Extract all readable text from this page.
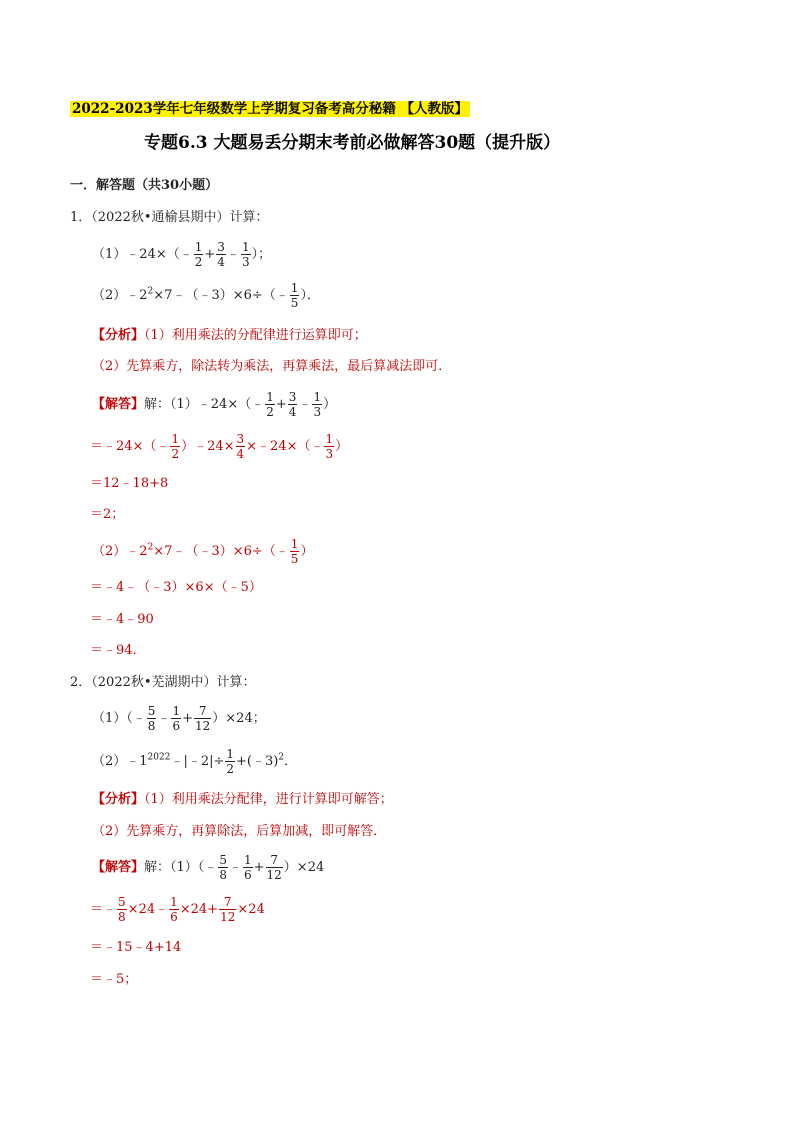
2022-2023学年七年级数学上学期复习备考高分秘籍 【人教版】
专题6.3 大题易丢分期末考前必做解答30题（提升版）
一．解答题（共30小题）
1．（2022秋•通榆县期中）计算：
（1）﹣24×（﹣ $\frac{1}{2} + \frac{3}{4}$ ﹣ $\frac{1}{3}$ ）；
$(2)﹣2^2\times 7﹣(﹣3)\times 6\div(﹣ \frac{1}{5}$ ）．
【分析】（1）利用乘法的分配律进行运算即可；
（2）先算乘方，除法转为乘法，再算乘法，最后算减法即可．
【解答】解：（1）﹣24×（﹣ $\frac{1}{2} + \frac{3}{4}$ ﹣ $\frac{1}{3}$ ）
＝﹣24×（﹣ $\frac{1}{2}$ ）﹣24× $\frac{3}{4}$ ×﹣24×（﹣ $\frac{1}{3}$ ）
＝12﹣18+8
＝2；
$(2)﹣2^2\times 7﹣(﹣3)\times 6\div(﹣ \frac{1}{5}$ ）
＝﹣4﹣（﹣3）×6×（﹣5）
＝﹣4﹣90
＝﹣94．
2．（2022秋•芜湖期中）计算：
（1）（﹣ $\frac{5}{8}$ ﹣ $\frac{1}{6} + \frac{7}{12} )\times 24$；
$(2)﹣1^{2022}﹣|﹣2|\div \frac{1}{2}$ +(﹣3)$^2$．
【分析】（1）利用乘法分配律，进行计算即可解答；
（2）先算乘方，再算除法，后算加减，即可解答．
【解答】解：（1）（﹣ $\frac{5}{8}$ ﹣ $\frac{1}{6} + \frac{7}{12} )\times 24$
＝﹣ $\frac{5}{8}$ ×24﹣ $\frac{1}{6} \times 24+ \frac{7}{12} \times 24$
＝﹣15﹣4+14
＝﹣5；
